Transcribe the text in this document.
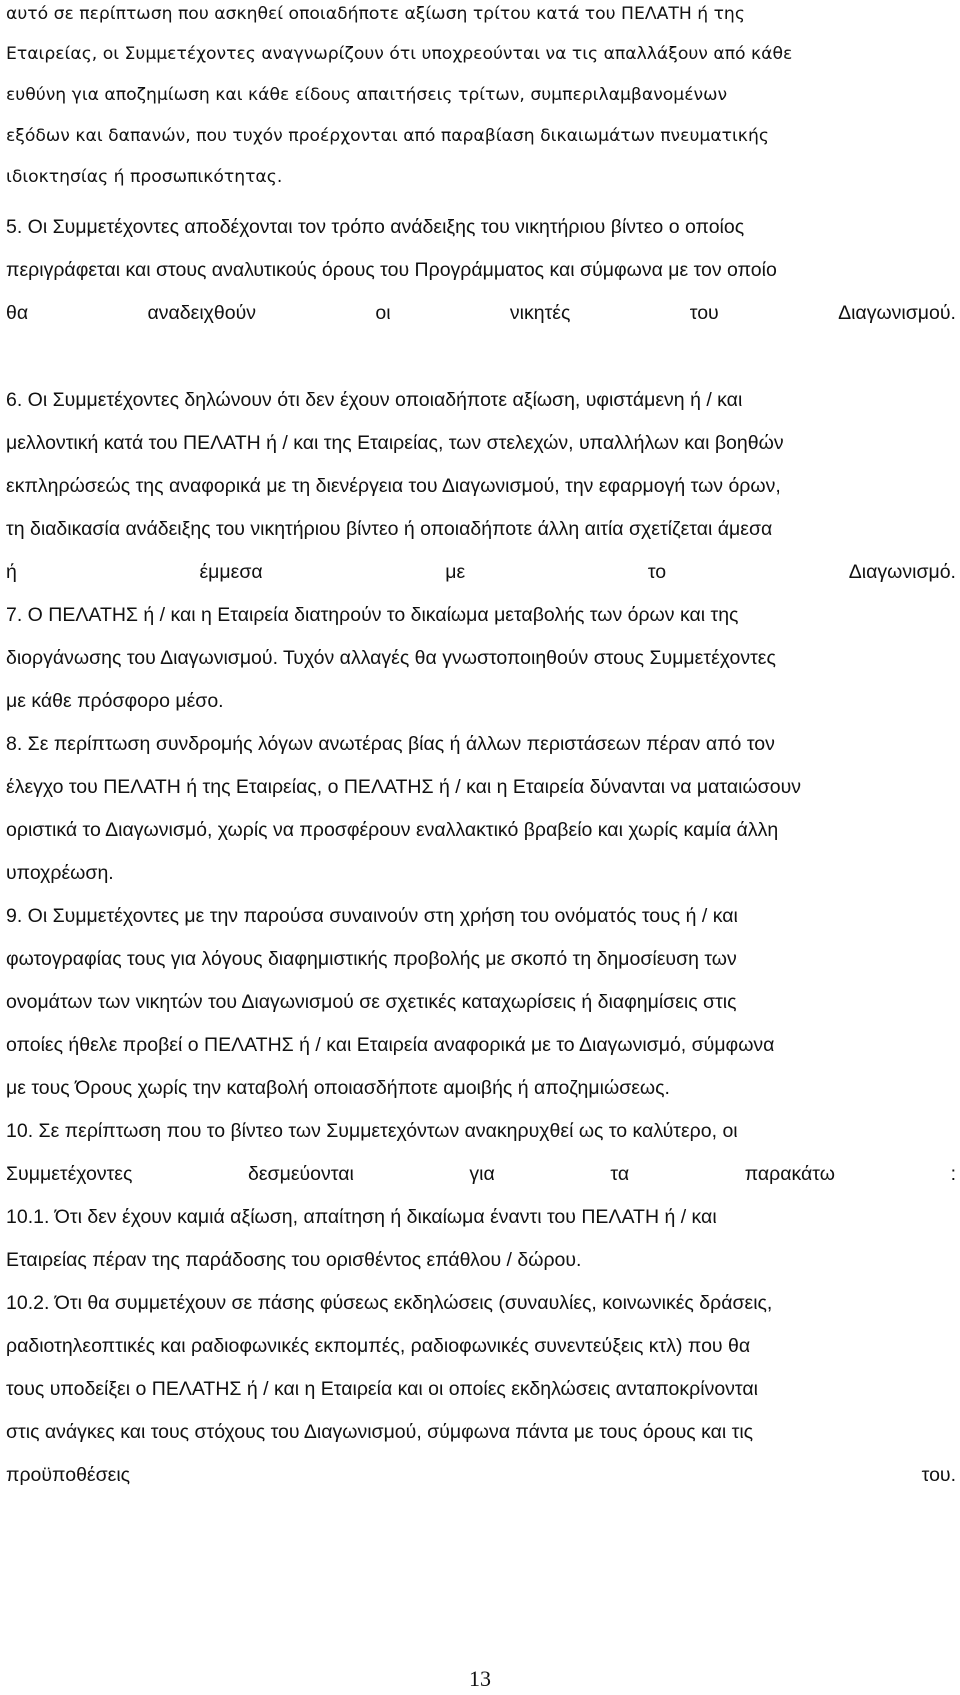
αυτό σε περίπτωση που ασκηθεί οποιαδήποτε αξίωση τρίτου κατά του ΠΕΛΑΤΗ ή της
Εταιρείας, οι Συμμετέχοντες αναγνωρίζουν ότι υποχρεούνται να τις απαλλάξουν από κάθε
ευθύνη για αποζημίωση και κάθε είδους απαιτήσεις τρίτων, συμπεριλαμβανομένων
εξόδων και δαπανών, που τυχόν προέρχονται από παραβίαση δικαιωμάτων πνευματικής
ιδιοκτησίας ή προσωπικότητας.
5. Οι Συμμετέχοντες αποδέχονται τον τρόπο ανάδειξης του νικητήριου βίντεο ο οποίος
περιγράφεται και στους αναλυτικούς όρους του Προγράμματος και σύμφωνα με τον οποίο
θα	αναδειχθούν	οι	νικητές	του	Διαγωνισμού.
6. Οι Συμμετέχοντες δηλώνουν ότι δεν έχουν οποιαδήποτε αξίωση, υφιστάμενη ή / και
μελλοντική κατά του ΠΕΛΑΤΗ ή / και της Εταιρείας, των στελεχών, υπαλλήλων και βοηθών
εκπληρώσεώς της αναφορικά με τη διενέργεια του Διαγωνισμού, την εφαρμογή των όρων,
τη διαδικασία ανάδειξης του νικητήριου βίντεο ή οποιαδήποτε άλλη αιτία σχετίζεται άμεσα
ή	έμμεσα	με	το	Διαγωνισμό.
7. Ο ΠΕΛΑΤΗΣ ή / και η Εταιρεία διατηρούν το δικαίωμα μεταβολής των όρων και της
διοργάνωσης του Διαγωνισμού. Τυχόν αλλαγές θα γνωστοποιηθούν στους Συμμετέχοντες
με κάθε πρόσφορο μέσο.
8. Σε περίπτωση συνδρομής λόγων ανωτέρας βίας ή άλλων περιστάσεων πέραν από τον
έλεγχο του ΠΕΛΑΤΗ ή της Εταιρείας, ο ΠΕΛΑΤΗΣ ή / και η Εταιρεία δύνανται να ματαιώσουν
οριστικά το Διαγωνισμό, χωρίς να προσφέρουν εναλλακτικό βραβείο και χωρίς καμία άλλη
υποχρέωση.
9. Οι Συμμετέχοντες με την παρούσα συναινούν στη χρήση του ονόματός τους ή / και
φωτογραφίας τους για λόγους διαφημιστικής προβολής με σκοπό τη δημοσίευση των
ονομάτων των νικητών του Διαγωνισμού σε σχετικές καταχωρίσεις ή διαφημίσεις στις
οποίες ήθελε προβεί ο ΠΕΛΑΤΗΣ ή / και Εταιρεία αναφορικά με το Διαγωνισμό, σύμφωνα
με τους Όρους χωρίς την καταβολή οποιασδήποτε αμοιβής ή αποζημιώσεως.
10. Σε περίπτωση που το βίντεο των Συμμετεχόντων ανακηρυχθεί ως το καλύτερο, οι
Συμμετέχοντες	δεσμεύονται	για	τα	παρακάτω	:
10.1. Ότι δεν έχουν καμιά αξίωση, απαίτηση ή δικαίωμα έναντι του ΠΕΛΑΤΗ ή / και
Εταιρείας πέραν της παράδοσης του ορισθέντος επάθλου / δώρου.
10.2. Ότι θα συμμετέχουν σε πάσης φύσεως εκδηλώσεις (συναυλίες, κοινωνικές δράσεις,
ραδιοτηλεοπτικές και ραδιοφωνικές εκπομπές, ραδιοφωνικές συνεντεύξεις κτλ) που θα
τους υποδείξει ο ΠΕΛΑΤΗΣ ή / και η Εταιρεία και οι οποίες εκδηλώσεις ανταποκρίνονται
στις ανάγκες και τους στόχους του Διαγωνισμού, σύμφωνα πάντα με τους όρους και τις
προϋποθέσεις	του.
13
